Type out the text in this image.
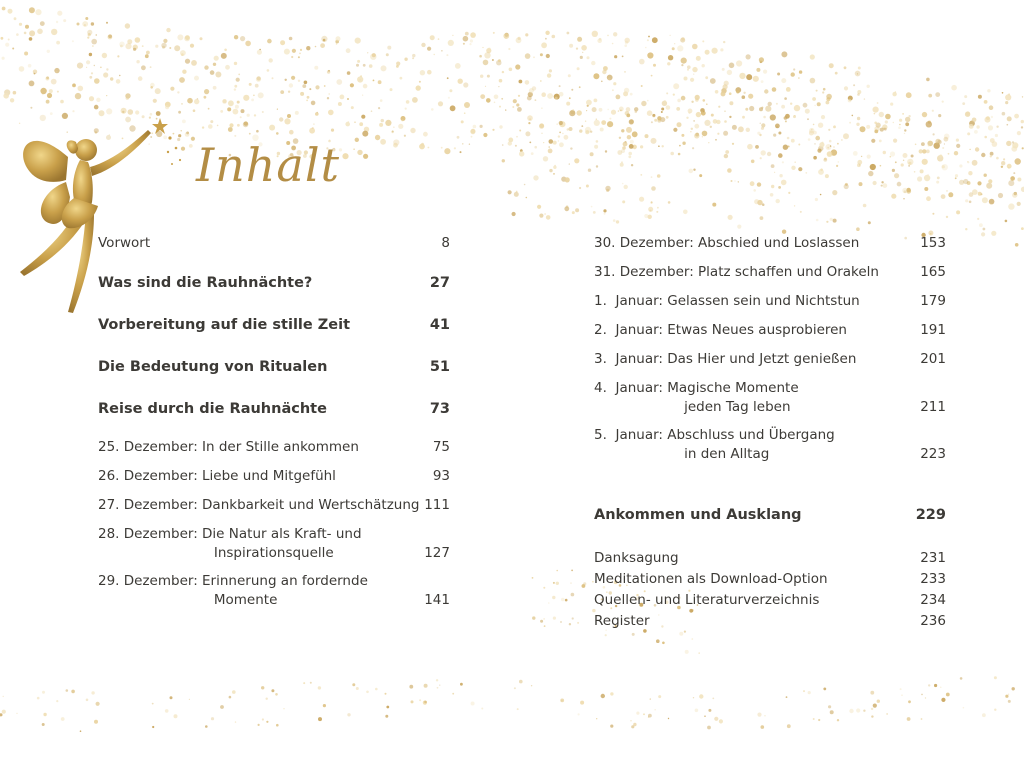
Inhalt
Vorwort	8
Was sind die Rauhnächte?	27
Vorbereitung auf die stille Zeit	41
Die Bedeutung von Ritualen	51
Reise durch die Rauhnächte	73
25. Dezember: In der Stille ankommen	75
26. Dezember: Liebe und Mitgefühl	93
27. Dezember: Dankbarkeit und Wertschätzung 111
28. Dezember: Die Natur als Kraft- und
Inspirationsquelle	127
29. Dezember: Erinnerung an fordernde
Momente	141
30. Dezember: Abschied und Loslassen	153
31. Dezember: Platz schaffen und Orakeln	165
1.  Januar: Gelassen sein und Nichtstun	179
2.  Januar: Etwas Neues ausprobieren	191
3.  Januar: Das Hier und Jetzt genießen	201
4.  Januar: Magische Momente
jeden Tag leben	211
5.  Januar: Abschluss und Übergang
in den Alltag	223
Ankommen und Ausklang	229
Danksagung	231
Meditationen als Download-Option	233
Quellen- und Literaturverzeichnis	234
Register	236
